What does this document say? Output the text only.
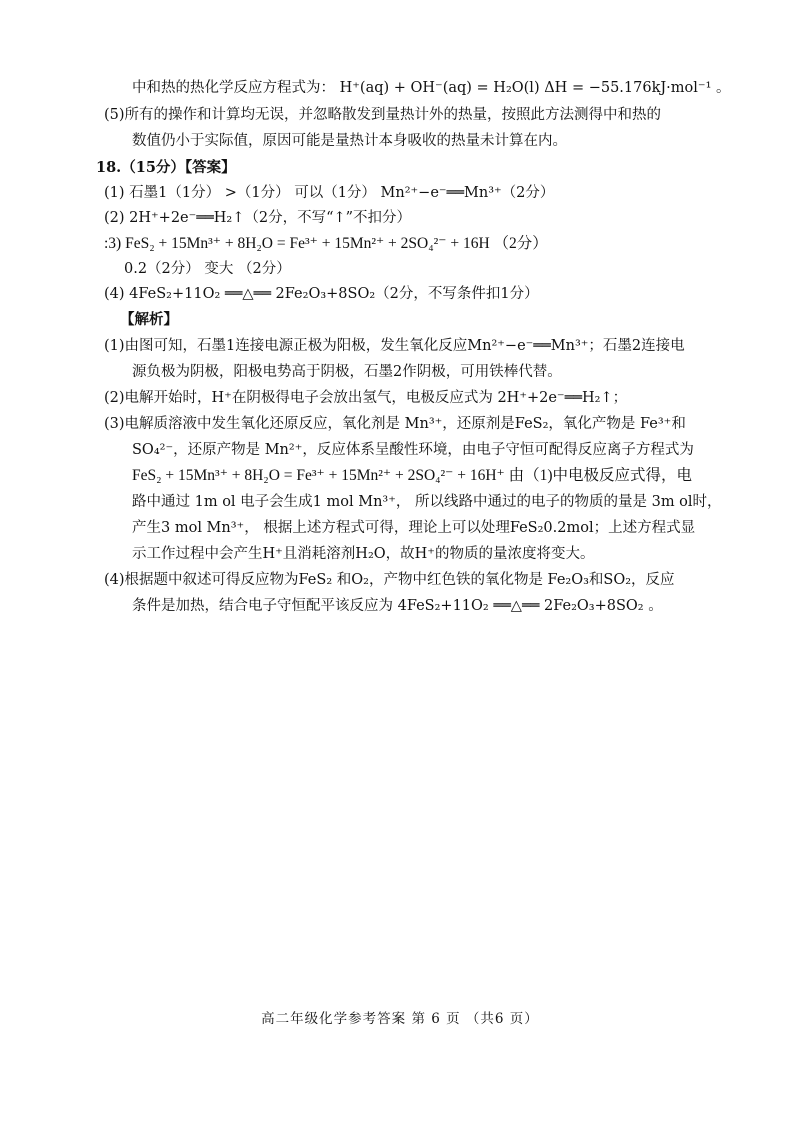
中和热的热化学反应方程式为： H⁺(aq) + OH⁻(aq) = H₂O(l) ΔH = −55.176kJ·mol⁻¹ 。
(5)所有的操作和计算均无误，并忽略散发到量热计外的热量，按照此方法测得中和热的
数值仍小于实际值，原因可能是量热计本身吸收的热量未计算在内。
18.（15分）【答案】
(1) 石墨1（1分） >（1分） 可以（1分） Mn²⁺−e⁻══Mn³⁺（2分）
(2) 2H⁺+2e⁻══H₂↑（2分，不写“↑”不扣分）
:3) FeS₂ + 15Mn³⁺ + 8H₂O = Fe³⁺ + 15Mn²⁺ + 2SO₄²⁻ + 16H （2分）
0.2（2分） 变大 （2分）
(4) 4FeS₂+11O₂ ══△══ 2Fe₂O₃+8SO₂（2分，不写条件扣1分）
【解析】
(1)由图可知，石墨1连接电源正极为阳极，发生氧化反应Mn²⁺−e⁻══Mn³⁺；石墨2连接电
源负极为阴极，阳极电势高于阴极，石墨2作阴极，可用铁棒代替。
(2)电解开始时，H⁺在阴极得电子会放出氢气，电极反应式为 2H⁺+2e⁻══H₂↑；
(3)电解质溶液中发生氧化还原反应，氧化剂是 Mn³⁺，还原剂是FeS₂，氧化产物是 Fe³⁺和
SO₄²⁻，还原产物是 Mn²⁺，反应体系呈酸性环境，由电子守恒可配得反应离子方程式为
FeS₂ + 15Mn³⁺ + 8H₂O = Fe³⁺ + 15Mn²⁺ + 2SO₄²⁻ + 16H⁺ 由（1)中电极反应式得，电
路中通过 1m ol 电子会生成1 mol Mn³⁺， 所以线路中通过的电子的物质的量是 3m ol时，
产生3 mol Mn³⁺， 根据上述方程式可得，理论上可以处理FeS₂0.2mol；上述方程式显
示工作过程中会产生H⁺且消耗溶剂H₂O，故H⁺的物质的量浓度将变大。
(4)根据题中叙述可得反应物为FeS₂ 和O₂，产物中红色铁的氧化物是 Fe₂O₃和SO₂，反应
条件是加热，结合电子守恒配平该反应为 4FeS₂+11O₂ ══△══ 2Fe₂O₃+8SO₂ 。
高二年级化学参考答案 第 6 页 （共6 页）
